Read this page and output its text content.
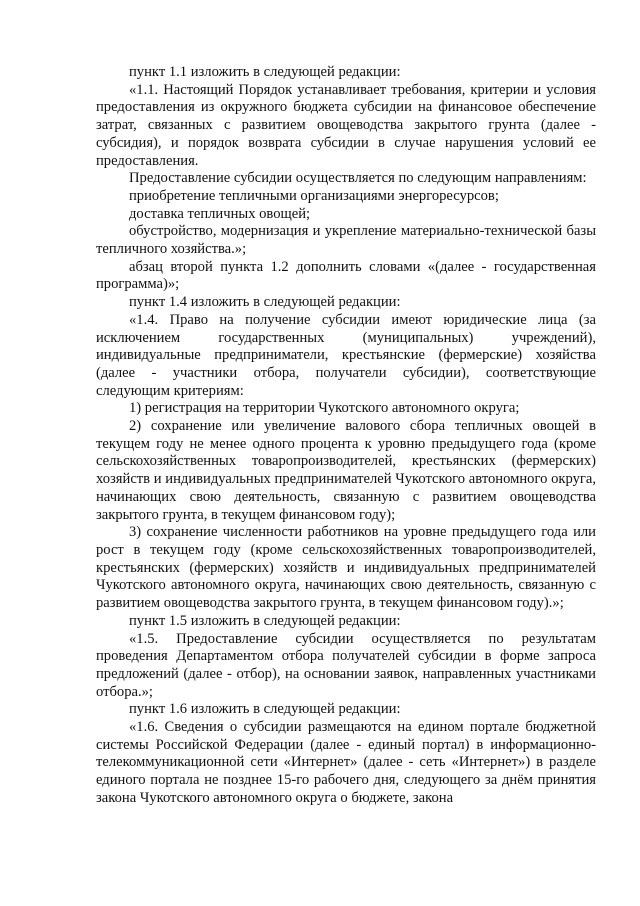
пункт 1.1 изложить в следующей редакции:

«1.1. Настоящий Порядок устанавливает требования, критерии и условия предоставления из окружного бюджета субсидии на финансовое обеспечение затрат, связанных с развитием овощеводства закрытого грунта (далее - субсидия), и порядок возврата субсидии в случае нарушения условий ее предоставления.

Предоставление субсидии осуществляется по следующим направлениям:

приобретение тепличными организациями энергоресурсов;

доставка тепличных овощей;

обустройство, модернизация и укрепление материально-технической базы тепличного хозяйства.»;

абзац второй пункта 1.2 дополнить словами «(далее - государственная программа)»;

пункт 1.4 изложить в следующей редакции:

«1.4. Право на получение субсидии имеют юридические лица (за исключением государственных (муниципальных) учреждений), индивидуальные предприниматели, крестьянские (фермерские) хозяйства (далее - участники отбора, получатели субсидии), соответствующие следующим критериям:

1) регистрация на территории Чукотского автономного округа;

2) сохранение или увеличение валового сбора тепличных овощей в текущем году не менее одного процента к уровню предыдущего года (кроме сельскохозяйственных товаропроизводителей, крестьянских (фермерских) хозяйств и индивидуальных предпринимателей Чукотского автономного округа, начинающих свою деятельность, связанную с развитием овощеводства закрытого грунта, в текущем финансовом году);

3) сохранение численности работников на уровне предыдущего года или рост в текущем году (кроме сельскохозяйственных товаропроизводителей, крестьянских (фермерских) хозяйств и индивидуальных предпринимателей Чукотского автономного округа, начинающих свою деятельность, связанную с развитием овощеводства закрытого грунта, в текущем финансовом году).»;

пункт 1.5 изложить в следующей редакции:

«1.5. Предоставление субсидии осуществляется по результатам проведения Департаментом отбора получателей субсидии в форме запроса предложений (далее - отбор), на основании заявок, направленных участниками отбора.»;

пункт 1.6 изложить в следующей редакции:

«1.6. Сведения о субсидии размещаются на едином портале бюджетной системы Российской Федерации (далее - единый портал) в информационно-телекоммуникационной сети «Интернет» (далее - сеть «Интернет») в разделе единого портала не позднее 15-го рабочего дня, следующего за днём принятия закона Чукотского автономного округа о бюджете, закона
